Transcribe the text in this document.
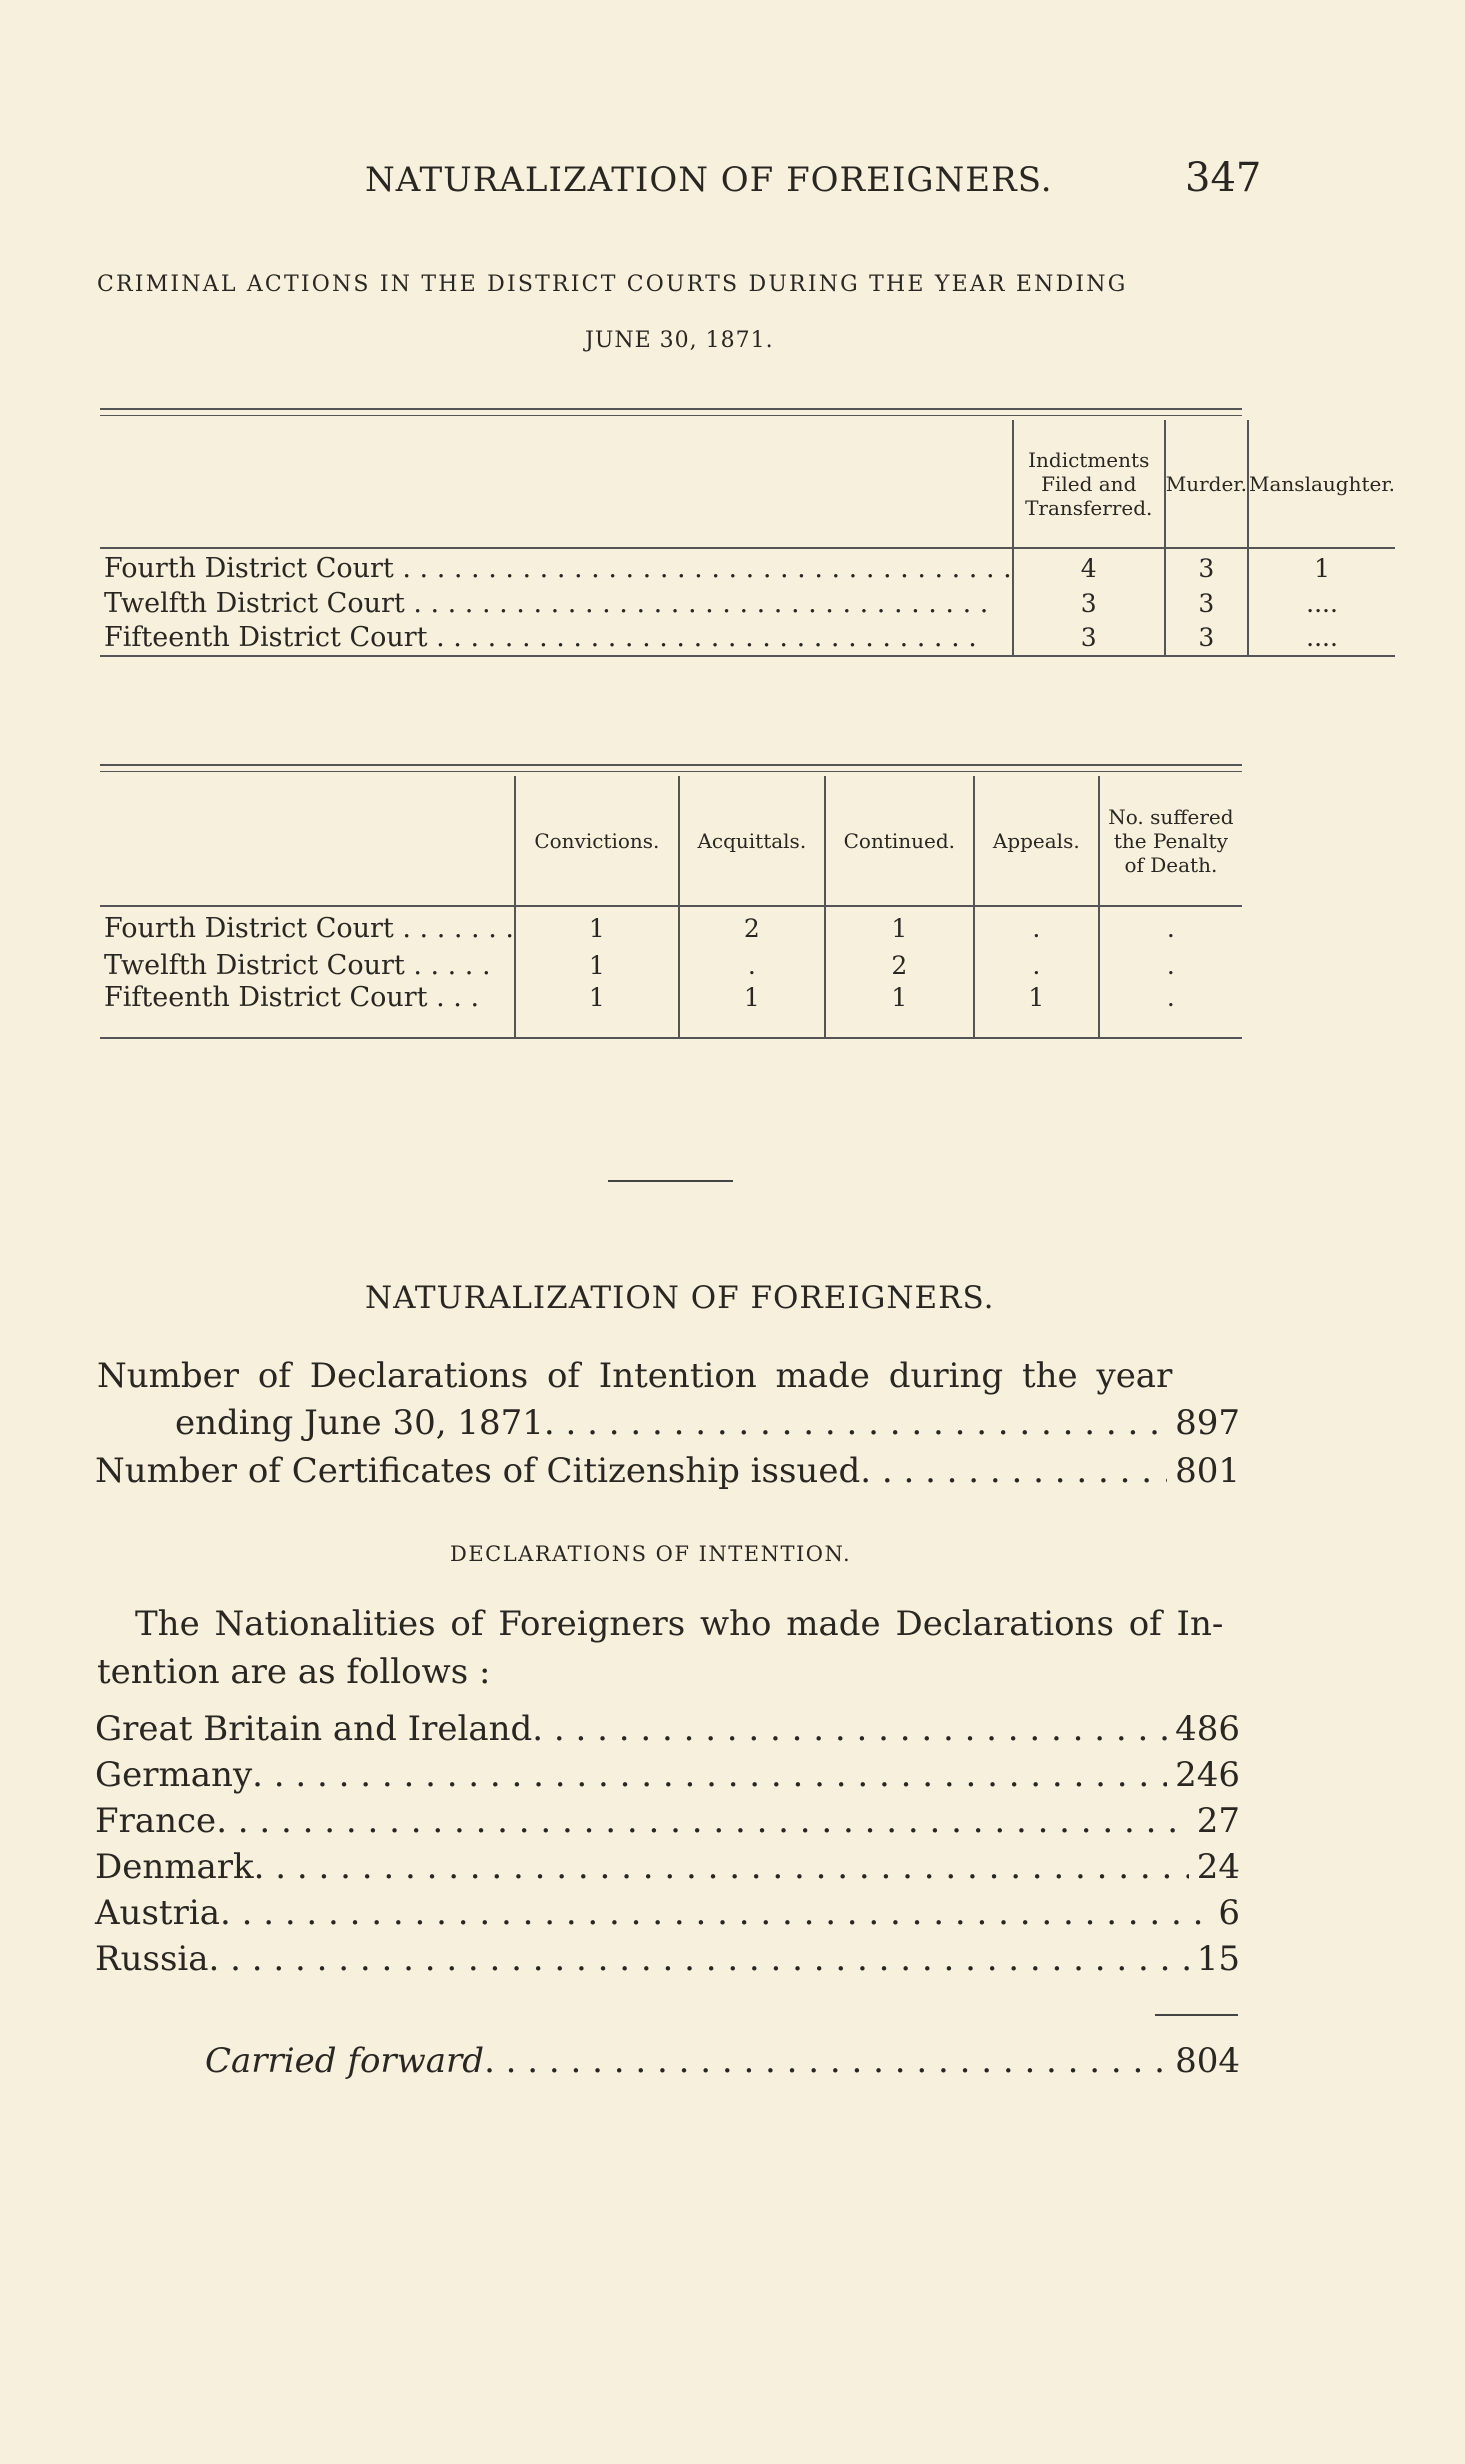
NATURALIZATION OF FOREIGNERS.	347
CRIMINAL ACTIONS IN THE DISTRICT COURTS DURING THE YEAR ENDING
JUNE 30, 1871.

	Indictments Filed and Transferred.	Murder.	Manslaughter.
Fourth District Court . . . . . . . . . . . . . . . . . . . . . . . . . . . . . . . . . . . .	4	3	1
Twelfth District Court . . . . . . . . . . . . . . . . . . . . . . . . . . . . . . . . . .	3	3	....
Fifteenth District Court . . . . . . . . . . . . . . . . . . . . . . . . . . . . . . . .	3	3	....
	Convictions.	Acquittals.	Continued.	Appeals.	No. suffered the Penalty of Death.

Fourth District Court . . . . . . .	1	2	1	.	.
Twelfth District Court . . . . .	1	.	2	.	.
Fifteenth District Court . . .	1	1	1	1	.
NATURALIZATION OF FOREIGNERS.
Number of Declarations of Intention made during the year
ending June 30, 1871 . . .	897
Number of Certificates of Citizenship issued . . .	801
DECLARATIONS OF INTENTION.
The Nationalities of Foreigners who made Declarations of In-
tention are as follows :
Great Britain and Ireland . . .	486
Germany . . .	246
France . . .	27
Denmark . . .	24
Austria . . .	6
Russia . . .	15
Carried forward . . .	804
